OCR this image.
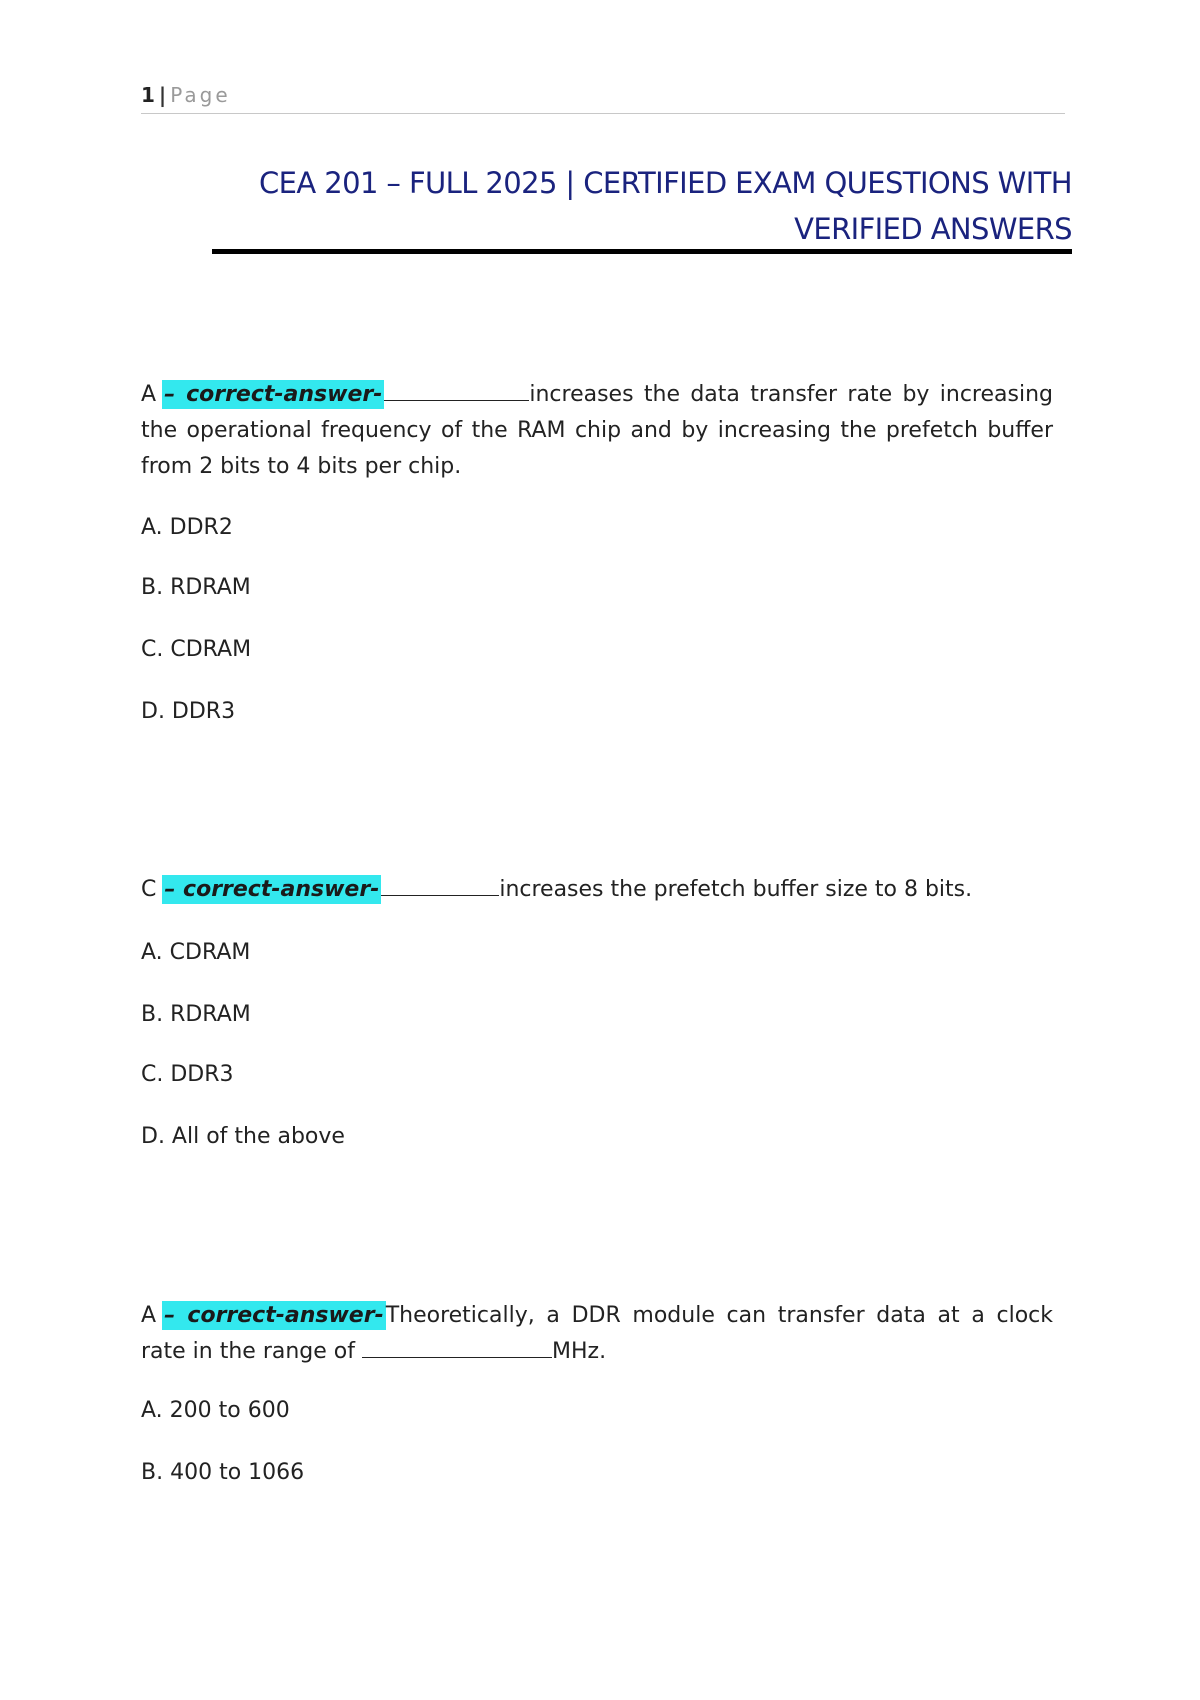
1 | Page
CEA 201 – FULL 2025 | CERTIFIED EXAM QUESTIONS WITH
VERIFIED ANSWERS

A – correct-answer-	increases the data transfer rate by increasing the operational frequency of the RAM chip and by increasing the prefetch buffer from 2 bits to 4 bits per chip.

A. DDR2

B. RDRAM

C. CDRAM

D. DDR3

C – correct-answer-	increases the prefetch buffer size to 8 bits.

A. CDRAM

B. RDRAM

C. DDR3

D. All of the above

A – correct-answer-Theoretically, a DDR module can transfer data at a clock rate in the range of	MHz.

A. 200 to 600

B. 400 to 1066
